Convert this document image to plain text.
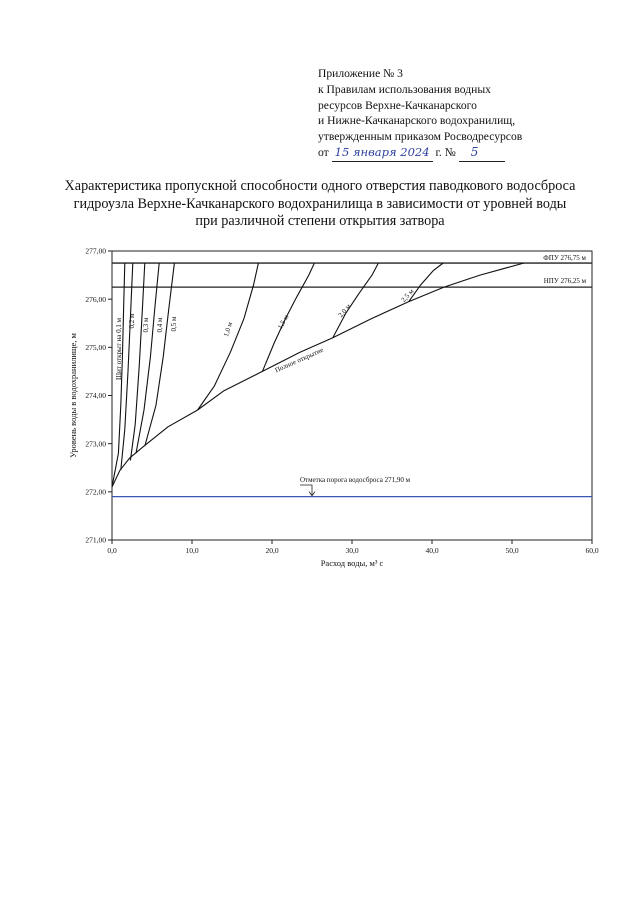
Приложение № 3
к Правилам использования водных
ресурсов Верхне-Качканарского
и Нижне-Качканарского водохранилищ,
утвержденным приказом Росводресурсов
от 15 января 2024 г. № 5
Характеристика пропускной способности одного отверстия паводкового водосброса
гидроузла Верхне-Качканарского водохранилища в зависимости от уровней воды
при различной степени открытия затвора
0,0	10,0	20,0	30,0	40,0	50,0	60,0
271,00
272,00
273,00
274,00
275,00
276,00
277,00
Расход воды, м³ с
Уровень воды в водохранилище, м
ФПУ 276,75 м
НПУ 276,25 м
Отметка порога водосброса 271,90 м
Щит открыт на 0,1 м 0,2 м 0,3 м 0,4 м 0,5 м	1,0 м	1,5 м
2,0 м
2,5 м
Полное открытие
